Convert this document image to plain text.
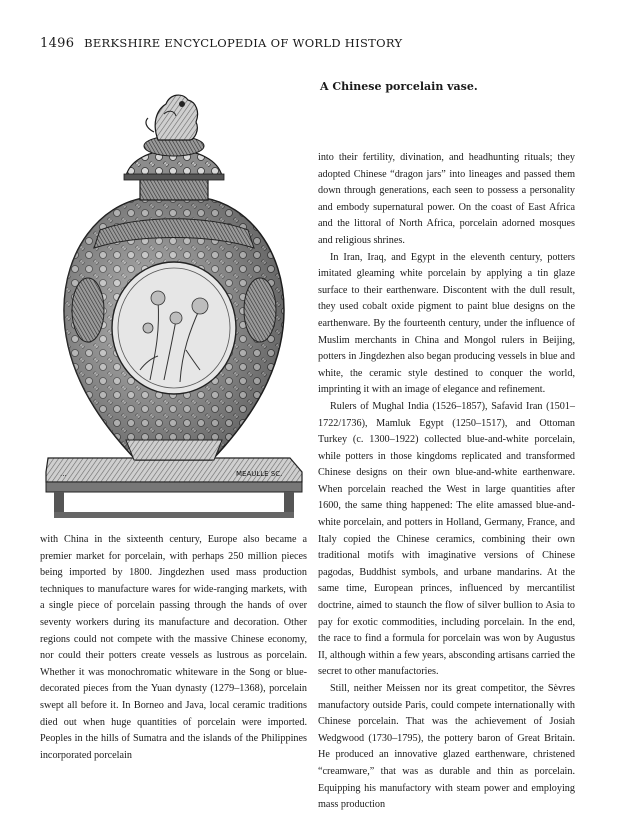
1496 BERKSHIRE ENCYCLOPEDIA OF WORLD HISTORY
...	MEAULLE SC.
A Chinese porcelain vase.

with China in the sixteenth century, Europe also became a premier market for porcelain, with perhaps 250 million pieces being imported by 1800. Jingdezhen used mass production techniques to manufacture wares for wide-ranging markets, with a single piece of porcelain passing through the hands of over seventy workers during its manufacture and decoration. Other regions could not compete with the massive Chinese economy, nor could their potters create vessels as lustrous as porcelain. Whether it was monochromatic whiteware in the Song or blue-decorated pieces from the Yuan dynasty (1279–1368), porcelain swept all before it. In Borneo and Java, local ceramic traditions died out when huge quantities of porcelain were imported. Peoples in the hills of Sumatra and the islands of the Philippines incorporated porcelain

into their fertility, divination, and headhunting rituals; they adopted Chinese “dragon jars” into lineages and passed them down through generations, each seen to possess a personality and embody supernatural power. On the coast of East Africa and the littoral of North Africa, porcelain adorned mosques and religious shrines.

In Iran, Iraq, and Egypt in the eleventh century, potters imitated gleaming white porcelain by applying a tin glaze surface to their earthenware. Discontent with the dull result, they used cobalt oxide pigment to paint blue designs on the earthenware. By the fourteenth century, under the influence of Muslim merchants in China and Mongol rulers in Beijing, potters in Jingdezhen also began producing vessels in blue and white, the ceramic style destined to conquer the world, imprinting it with an image of elegance and refinement.

Rulers of Mughal India (1526–1857), Safavid Iran (1501–1722/1736), Mamluk Egypt (1250–1517), and Ottoman Turkey (c. 1300–1922) collected blue-and-white porcelain, while potters in those kingdoms replicated and transformed Chinese designs on their own blue-and-white earthenware. When porcelain reached the West in large quantities after 1600, the same thing happened: The elite amassed blue-and-white porcelain, and potters in Holland, Germany, France, and Italy copied the Chinese ceramics, combining their own traditional motifs with imaginative versions of Chinese pagodas, Buddhist symbols, and urbane mandarins. At the same time, European princes, influenced by mercantilist doctrine, aimed to staunch the flow of silver bullion to Asia to pay for exotic commodities, including porcelain. In the end, the race to find a formula for porcelain was won by Augustus II, although within a few years, absconding artisans carried the secret to other manufactories.

Still, neither Meissen nor its great competitor, the Sèvres manufactory outside Paris, could compete internationally with Chinese porcelain. That was the achievement of Josiah Wedgwood (1730–1795), the pottery baron of Great Britain. He produced an innovative glazed earthenware, christened “creamware,” that was as durable and thin as porcelain. Equipping his manufactory with steam power and employing mass production
